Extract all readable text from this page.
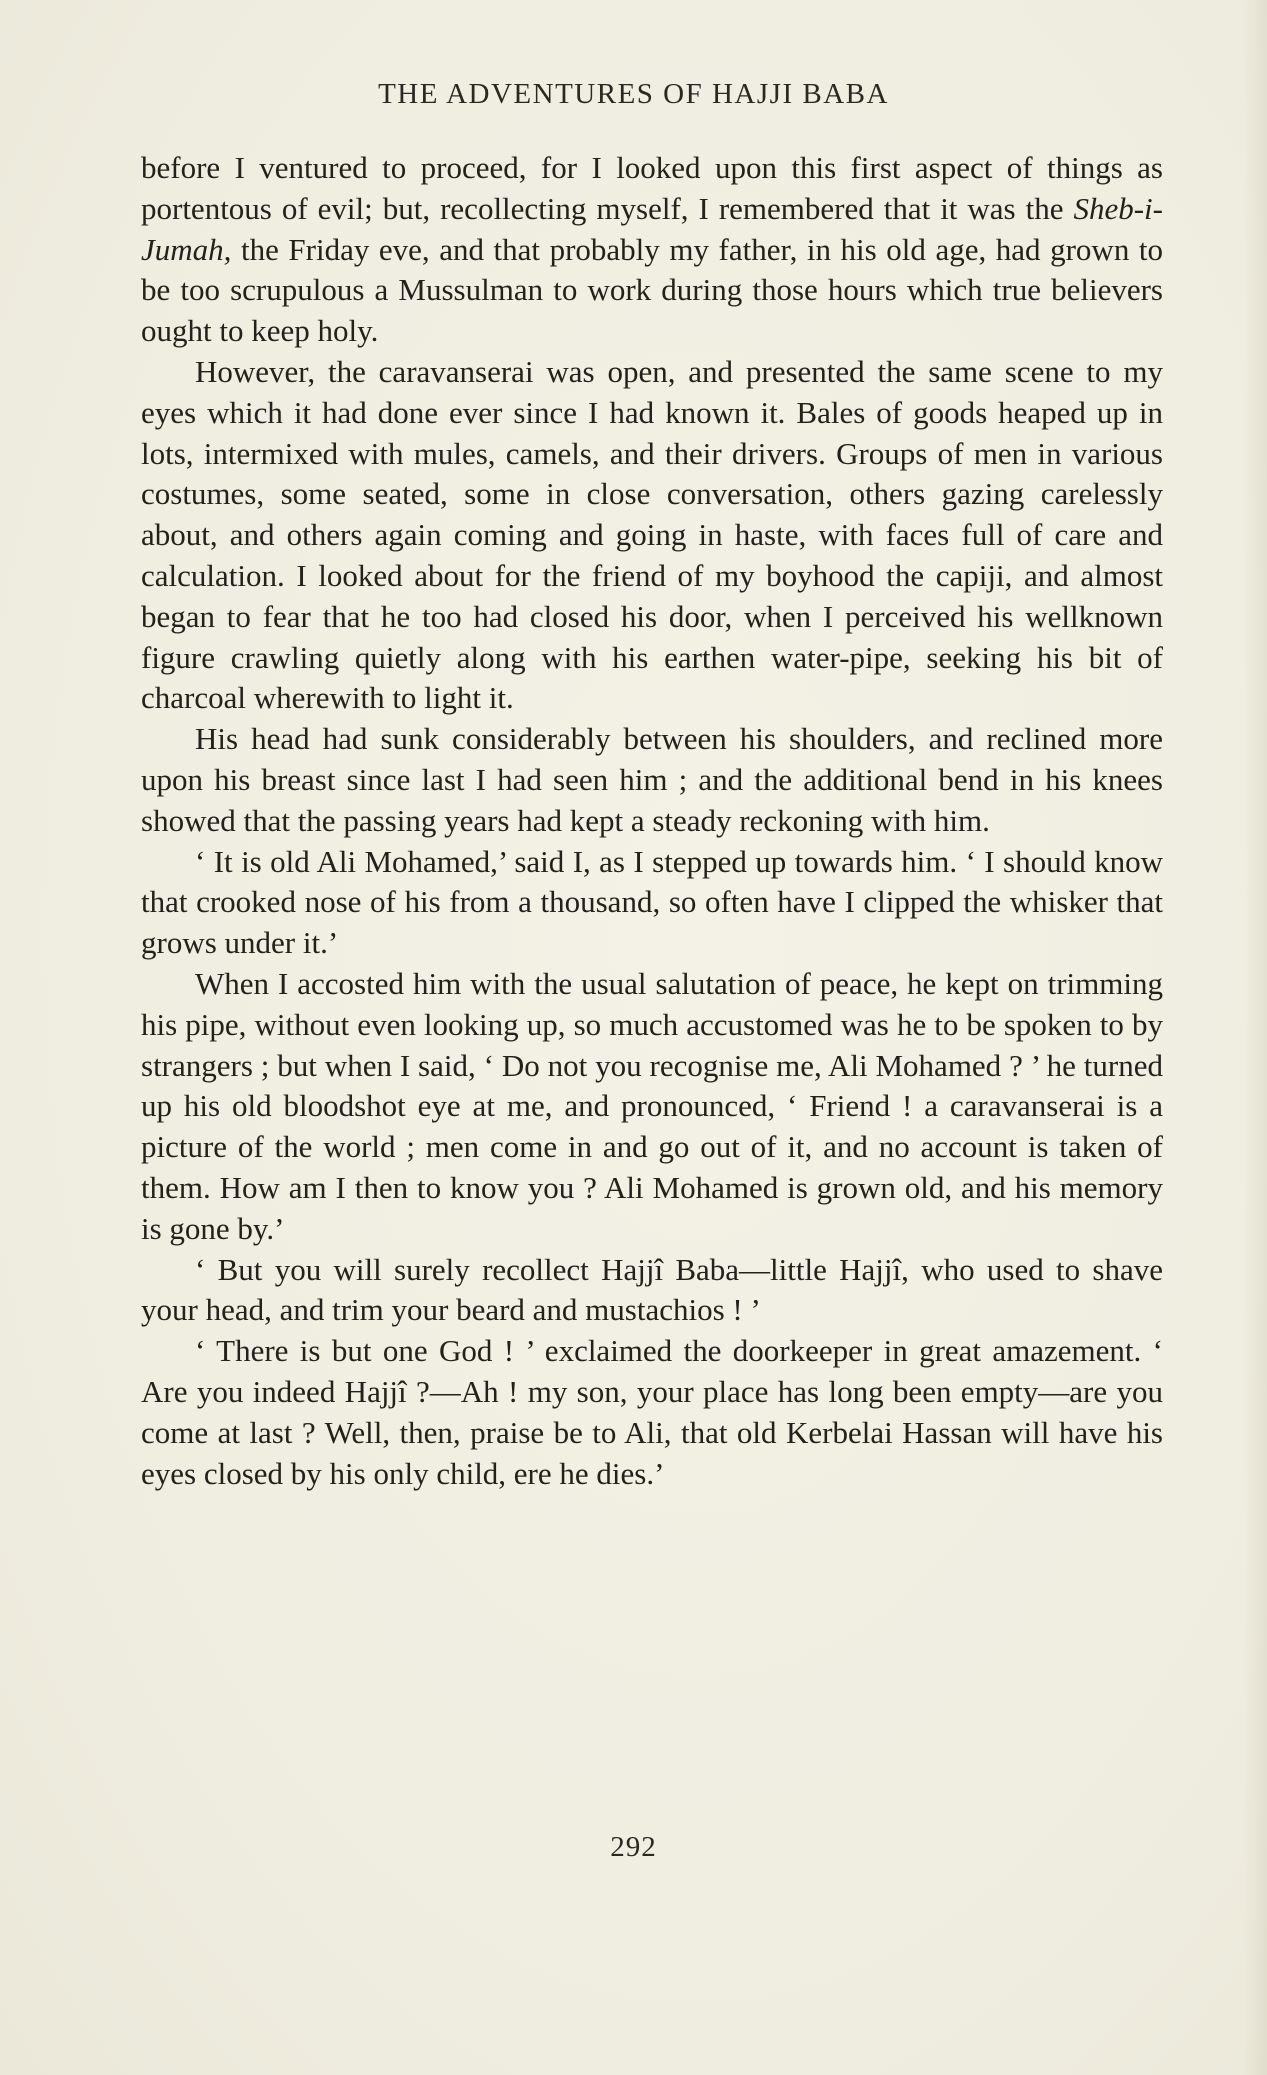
THE ADVENTURES OF HAJJI BABA

before I ventured to proceed, for I looked upon this first aspect of things as portentous of evil; but, recollecting myself, I remembered that it was the Sheb-i-Jumah, the Friday eve, and that probably my father, in his old age, had grown to be too scrupulous a Mussulman to work during those hours which true believers ought to keep holy.

However, the caravanserai was open, and presented the same scene to my eyes which it had done ever since I had known it. Bales of goods heaped up in lots, intermixed with mules, camels, and their drivers. Groups of men in various costumes, some seated, some in close conversation, others gazing carelessly about, and others again coming and going in haste, with faces full of care and calculation. I looked about for the friend of my boyhood the capiji, and almost began to fear that he too had closed his door, when I perceived his wellknown figure crawling quietly along with his earthen water-pipe, seeking his bit of charcoal wherewith to light it.

His head had sunk considerably between his shoulders, and reclined more upon his breast since last I had seen him ; and the additional bend in his knees showed that the passing years had kept a steady reckoning with him.

‘ It is old Ali Mohamed,’ said I, as I stepped up towards him. ‘ I should know that crooked nose of his from a thousand, so often have I clipped the whisker that grows under it.’

When I accosted him with the usual salutation of peace, he kept on trimming his pipe, without even looking up, so much accustomed was he to be spoken to by strangers ; but when I said, ‘ Do not you recognise me, Ali Mohamed ? ’ he turned up his old bloodshot eye at me, and pronounced, ‘ Friend ! a caravanserai is a picture of the world ; men come in and go out of it, and no account is taken of them. How am I then to know you ? Ali Mohamed is grown old, and his memory is gone by.’

‘ But you will surely recollect Hajjî Baba—little Hajjî, who used to shave your head, and trim your beard and mustachios ! ’

‘ There is but one God ! ’ exclaimed the doorkeeper in great amazement. ‘ Are you indeed Hajjî ?—Ah ! my son, your place has long been empty—are you come at last ? Well, then, praise be to Ali, that old Kerbelai Hassan will have his eyes closed by his only child, ere he dies.’

292
